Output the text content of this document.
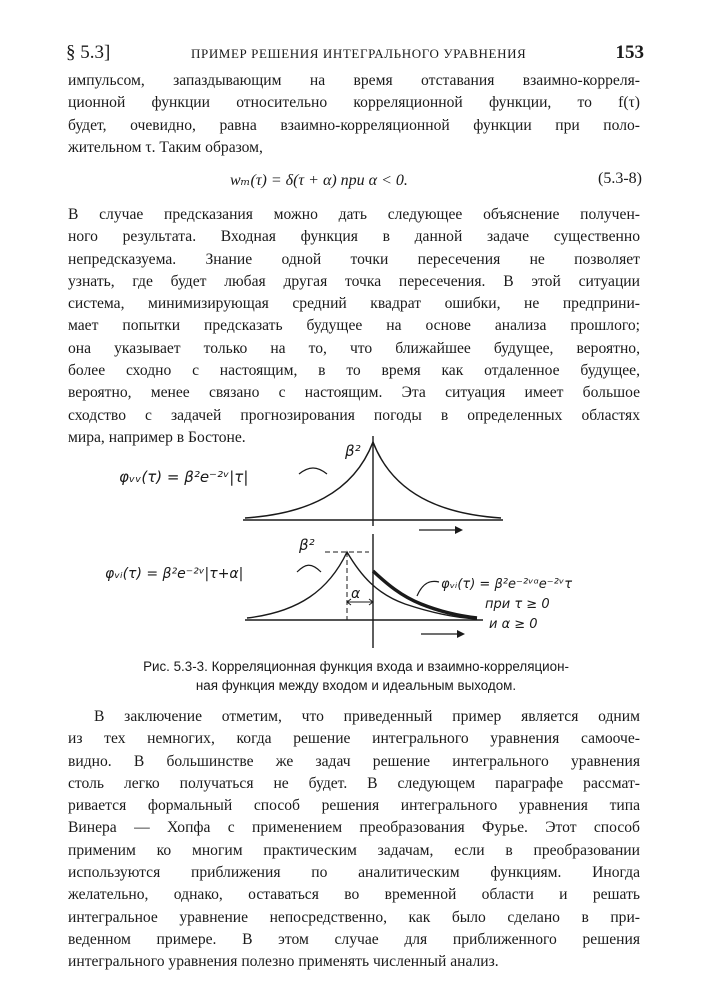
§ 5.3]	ПРИМЕР РЕШЕНИЯ ИНТЕГРАЛЬНОГО УРАВНЕНИЯ	153
импульсом, запаздывающим на время отставания взаимно-корреля-
ционной функции относительно корреляционной функции, то f(τ)
будет, очевидно, равна взаимно-корреляционной функции при поло-
жительном τ. Таким образом,
wₘ(τ) = δ(τ + α) при α < 0.	(5.3-8)
В случае предсказания можно дать следующее объяснение получен-
ного результата. Входная функция в данной задаче существенно
непредсказуема. Знание одной точки пересечения не позволяет
узнать, где будет любая другая точка пересечения. В этой ситуации
система, минимизирующая средний квадрат ошибки, не предприни-
мает попытки предсказать будущее на основе анализа прошлого;
она указывает только на то, что ближайшее будущее, вероятно,
более сходно с настоящим, в то время как отдаленное будущее,
вероятно, менее связано с настоящим. Эта ситуация имеет большое
сходство с задачей прогнозирования погоды в определенных областях
мира, например в Бостоне.
φᵥᵥ(τ) = β²e⁻²ᵛ|τ|
β²
φᵥᵢ(τ) = β²e⁻²ᵛ|τ+α|
β²
α
φᵥᵢ(τ) = β²e⁻²ᵛᵅe⁻²ᵛτ
при τ ≥ 0
и α ≥ 0
Рис. 5.3-3. Корреляционная функция входа и взаимно-корреляцион-
ная функция между входом и идеальным выходом.
В заключение отметим, что приведенный пример является одним
из тех немногих, когда решение интегрального уравнения самооче-
видно. В большинстве же задач решение интегрального уравнения
столь легко получаться не будет. В следующем параграфе рассмат-
ривается формальный способ решения интегрального уравнения типа
Винера — Хопфа с применением преобразования Фурье. Этот способ
применим ко многим практическим задачам, если в преобразовании
используются приближения по аналитическим функциям. Иногда
желательно, однако, оставаться во временной области и решать
интегральное уравнение непосредственно, как было сделано в при-
веденном примере. В этом случае для приближенного решения
интегрального уравнения полезно применять численный анализ.
